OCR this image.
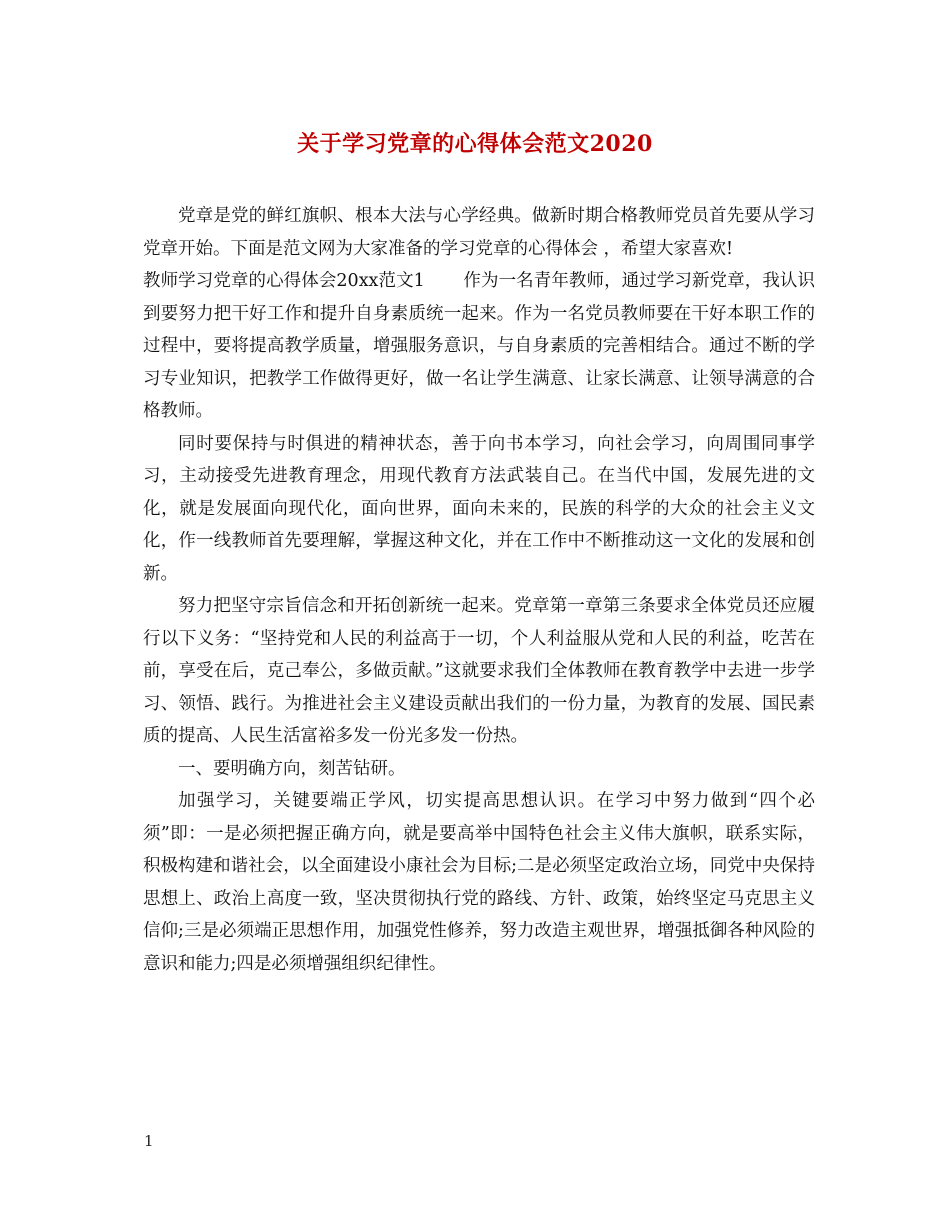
关于学习党章的心得体会范文2020

党章是党的鲜红旗帜、根本大法与心学经典。做新时期合格教师党员首先要从学习党章开始。下面是范文网为大家准备的学习党章的心得体会 ，希望大家喜欢!

教师学习党章的心得体会20xx范文1 作为一名青年教师，通过学习新党章，我认识到要努力把干好工作和提升自身素质统一起来。作为一名党员教师要在干好本职工作的过程中，要将提高教学质量，增强服务意识，与自身素质的完善相结合。通过不断的学习专业知识，把教学工作做得更好，做一名让学生满意、让家长满意、让领导满意的合格教师。

同时要保持与时俱进的精神状态，善于向书本学习，向社会学习，向周围同事学习，主动接受先进教育理念，用现代教育方法武装自己。在当代中国，发展先进的文化，就是发展面向现代化，面向世界，面向未来的，民族的科学的大众的社会主义文化，作一线教师首先要理解，掌握这种文化，并在工作中不断推动这一文化的发展和创新。

努力把坚守宗旨信念和开拓创新统一起来。党章第一章第三条要求全体党员还应履行以下义务：“坚持党和人民的利益高于一切，个人利益服从党和人民的利益，吃苦在前，享受在后，克己奉公，多做贡献。”这就要求我们全体教师在教育教学中去进一步学习、领悟、践行。为推进社会主义建设贡献出我们的一份力量，为教育的发展、国民素质的提高、人民生活富裕多发一份光多发一份热。

一、要明确方向，刻苦钻研。

加强学习，关键要端正学风，切实提高思想认识。在学习中努力做到“四个必须”即：一是必须把握正确方向，就是要高举中国特色社会主义伟大旗帜，联系实际，积极构建和谐社会，以全面建设小康社会为目标;二是必须坚定政治立场，同党中央保持思想上、政治上高度一致，坚决贯彻执行党的路线、方针、政策，始终坚定马克思主义信仰;三是必须端正思想作用，加强党性修养，努力改造主观世界，增强抵御各种风险的意识和能力;四是必须增强组织纪律性。

1
